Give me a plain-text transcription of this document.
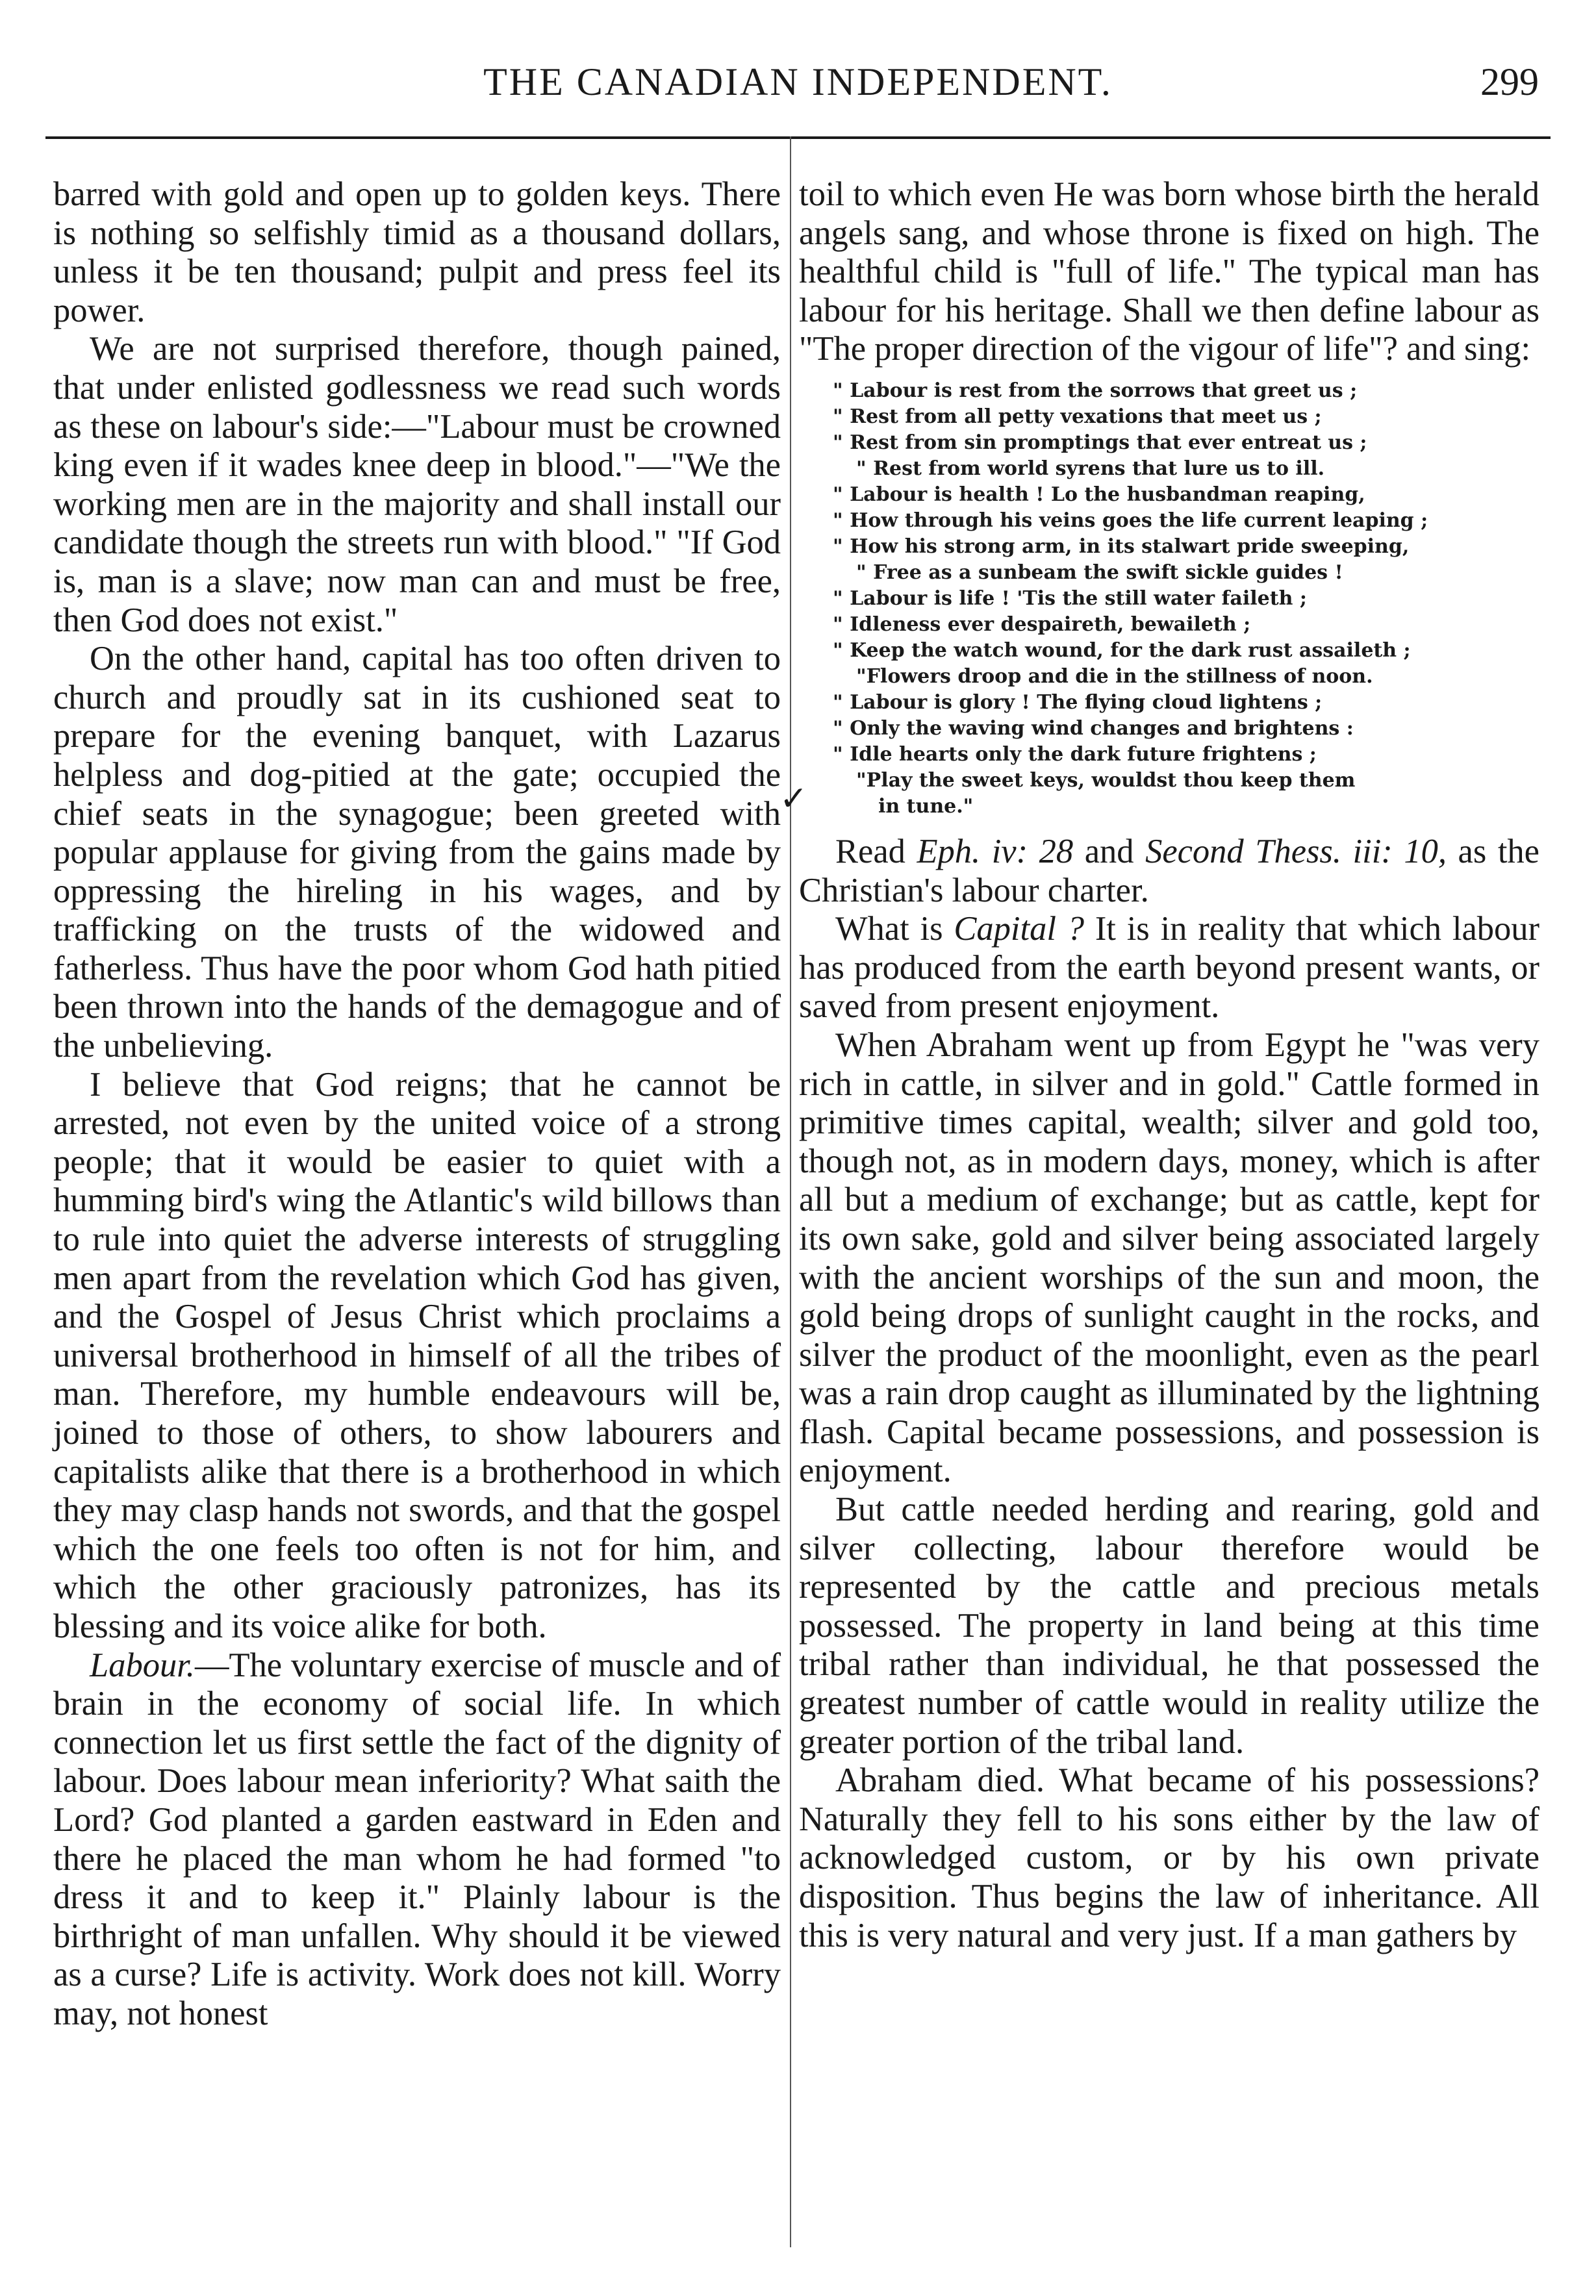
THE CANADIAN INDEPENDENT.	299

barred with gold and open up to golden keys. There is nothing so selfishly timid as a thousand dollars, unless it be ten thousand; pulpit and press feel its power.

We are not surprised therefore, though pained, that under enlisted godlessness we read such words as these on labour's side:—"Labour must be crowned king even if it wades knee deep in blood."—"We the working men are in the majority and shall install our candidate though the streets run with blood." "If God is, man is a slave; now man can and must be free, then God does not exist."

On the other hand, capital has too often driven to church and proudly sat in its cushioned seat to prepare for the evening banquet, with Lazarus helpless and dog-pitied at the gate; occupied the chief seats in the synagogue; been greeted with popular applause for giving from the gains made by oppressing the hireling in his wages, and by trafficking on the trusts of the widowed and fatherless. Thus have the poor whom God hath pitied been thrown into the hands of the demagogue and of the unbelieving.

I believe that God reigns; that he cannot be arrested, not even by the united voice of a strong people; that it would be easier to quiet with a humming bird's wing the Atlantic's wild billows than to rule into quiet the adverse interests of struggling men apart from the revelation which God has given, and the Gospel of Jesus Christ which proclaims a universal brotherhood in himself of all the tribes of man. Therefore, my humble endeavours will be, joined to those of others, to show labourers and capitalists alike that there is a brotherhood in which they may clasp hands not swords, and that the gospel which the one feels too often is not for him, and which the other graciously patronizes, has its blessing and its voice alike for both.

Labour.—The voluntary exercise of muscle and of brain in the economy of social life. In which connection let us first settle the fact of the dignity of labour. Does labour mean inferiority? What saith the Lord? God planted a garden eastward in Eden and there he placed the man whom he had formed "to dress it and to keep it." Plainly labour is the birthright of man unfallen. Why should it be viewed as a curse? Life is activity. Work does not kill. Worry may, not honest

toil to which even He was born whose birth the herald angels sang, and whose throne is fixed on high. The healthful child is "full of life." The typical man has labour for his heritage. Shall we then define labour as "The proper direction of the vigour of life"? and sing:

" Labour is rest from the sorrows that greet us ;
" Rest from all petty vexations that meet us ;
" Rest from sin promptings that ever entreat us ;
" Rest from world syrens that lure us to ill.
" Labour is health ! Lo the husbandman reaping,
" How through his veins goes the life current leaping ;
" How his strong arm, in its stalwart pride sweeping,
" Free as a sunbeam the swift sickle guides !
" Labour is life ! 'Tis the still water faileth ;
" Idleness ever despaireth, bewaileth ;
" Keep the watch wound, for the dark rust assaileth ;
"Flowers droop and die in the stillness of noon.
" Labour is glory ! The flying cloud lightens ;
" Only the waving wind changes and brightens :
" Idle hearts only the dark future frightens ;
"Play the sweet keys, wouldst thou keep them
in tune."

Read Eph. iv: 28 and Second Thess. iii: 10, as the Christian's labour charter.

What is Capital ? It is in reality that which labour has produced from the earth beyond present wants, or saved from present enjoyment.

When Abraham went up from Egypt he "was very rich in cattle, in silver and in gold." Cattle formed in primitive times capital, wealth; silver and gold too, though not, as in modern days, money, which is after all but a medium of exchange; but as cattle, kept for its own sake, gold and silver being associated largely with the ancient worships of the sun and moon, the gold being drops of sunlight caught in the rocks, and silver the product of the moonlight, even as the pearl was a rain drop caught as illuminated by the lightning flash. Capital became possessions, and possession is enjoyment.

But cattle needed herding and rearing, gold and silver collecting, labour therefore would be represented by the cattle and precious metals possessed. The property in land being at this time tribal rather than individual, he that possessed the greatest number of cattle would in reality utilize the greater portion of the tribal land.

Abraham died. What became of his possessions? Naturally they fell to his sons either by the law of acknowledged custom, or by his own private disposition. Thus begins the law of inheritance. All this is very natural and very just. If a man gathers by

✓
